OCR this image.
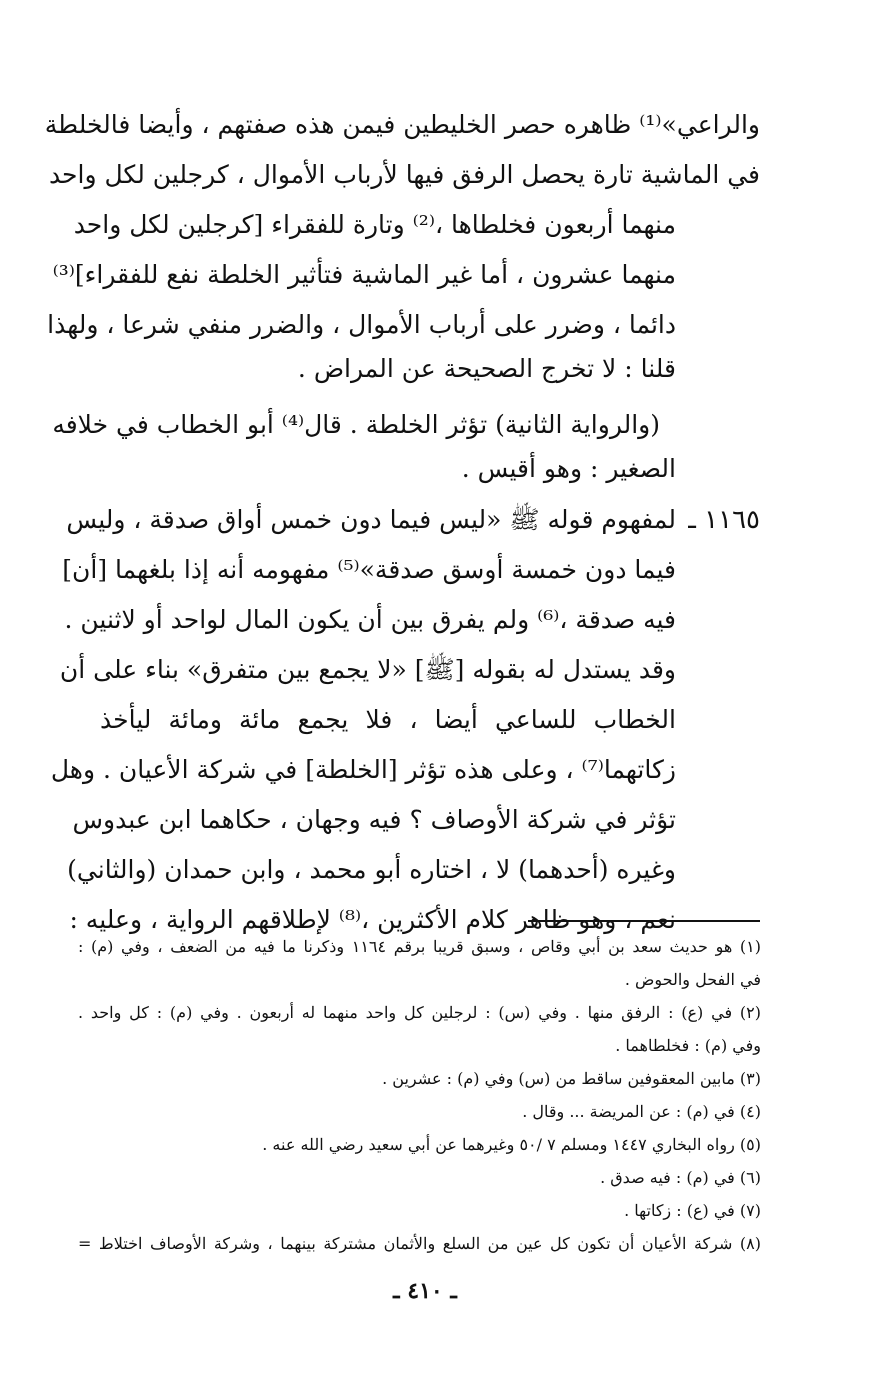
والراعي»⁽¹⁾ ظاهره حصر الخليطين فيمن هذه صفتهم ، وأيضا فالخلطة
في الماشية تارة يحصل الرفق فيها لأرباب الأموال ، كرجلين لكل واحد
منهما أربعون فخلطاها ،⁽²⁾ وتارة للفقراء [كرجلين لكل واحد
منهما عشرون ، أما غير الماشية فتأثير الخلطة نفع للفقراء]⁽³⁾
دائما ، وضرر على أرباب الأموال ، والضرر منفي شرعا ، ولهذا
قلنا : لا تخرج الصحيحة عن المراض .
(والرواية الثانية) تؤثر الخلطة . قال⁽⁴⁾ أبو الخطاب في خلافه
الصغير : وهو أقيس .
١١٦٥ ـ
لمفهوم قوله ﷺ «ليس فيما دون خمس أواق صدقة ، وليس
فيما دون خمسة أوسق صدقة»⁽⁵⁾ مفهومه أنه إذا بلغهما [أن]
فيه صدقة ،⁽⁶⁾ ولم يفرق بين أن يكون المال لواحد أو لاثنين .
وقد يستدل له بقوله [ﷺ] «لا يجمع بين متفرق» بناء على أن
الخطاب للساعي أيضا ، فلا يجمع مائة ومائة ليأخذ
زكاتهما⁽⁷⁾ ، وعلى هذه تؤثر [الخلطة] في شركة الأعيان . وهل
تؤثر في شركة الأوصاف ؟ فيه وجهان ، حكاهما ابن عبدوس
وغيره (أحدهما) لا ، اختاره أبو محمد ، وابن حمدان (والثاني)
نعم ، وهو ظاهر كلام الأكثرين ،⁽⁸⁾ لإطلاقهم الرواية ، وعليه :
(١) هو حديث سعد بن أبي وقاص ، وسبق قريبا برقم ١١٦٤ وذكرنا ما فيه من الضعف ، وفي (م) :
في الفحل والحوض .
(٢) في (ع) : الرفق منها . وفي (س) : لرجلين كل واحد منهما له أربعون . وفي (م) : كل واحد .
وفي (م) : فخلطاهما .
(٣) مابين المعقوفين ساقط من (س) وفي (م) : عشرين .
(٤) في (م) : عن المريضة ... وقال .
(٥) رواه البخاري ١٤٤٧ ومسلم ٧ /٥٠ وغيرهما عن أبي سعيد رضي الله عنه .
(٦) في (م) : فيه صدق .
(٧) في (ع) : زكاتها .
(٨) شركة الأعيان أن تكون كل عين من السلع والأثمان مشتركة بينهما ، وشركة الأوصاف اختلاط =
ـ ٤١٠ ـ
